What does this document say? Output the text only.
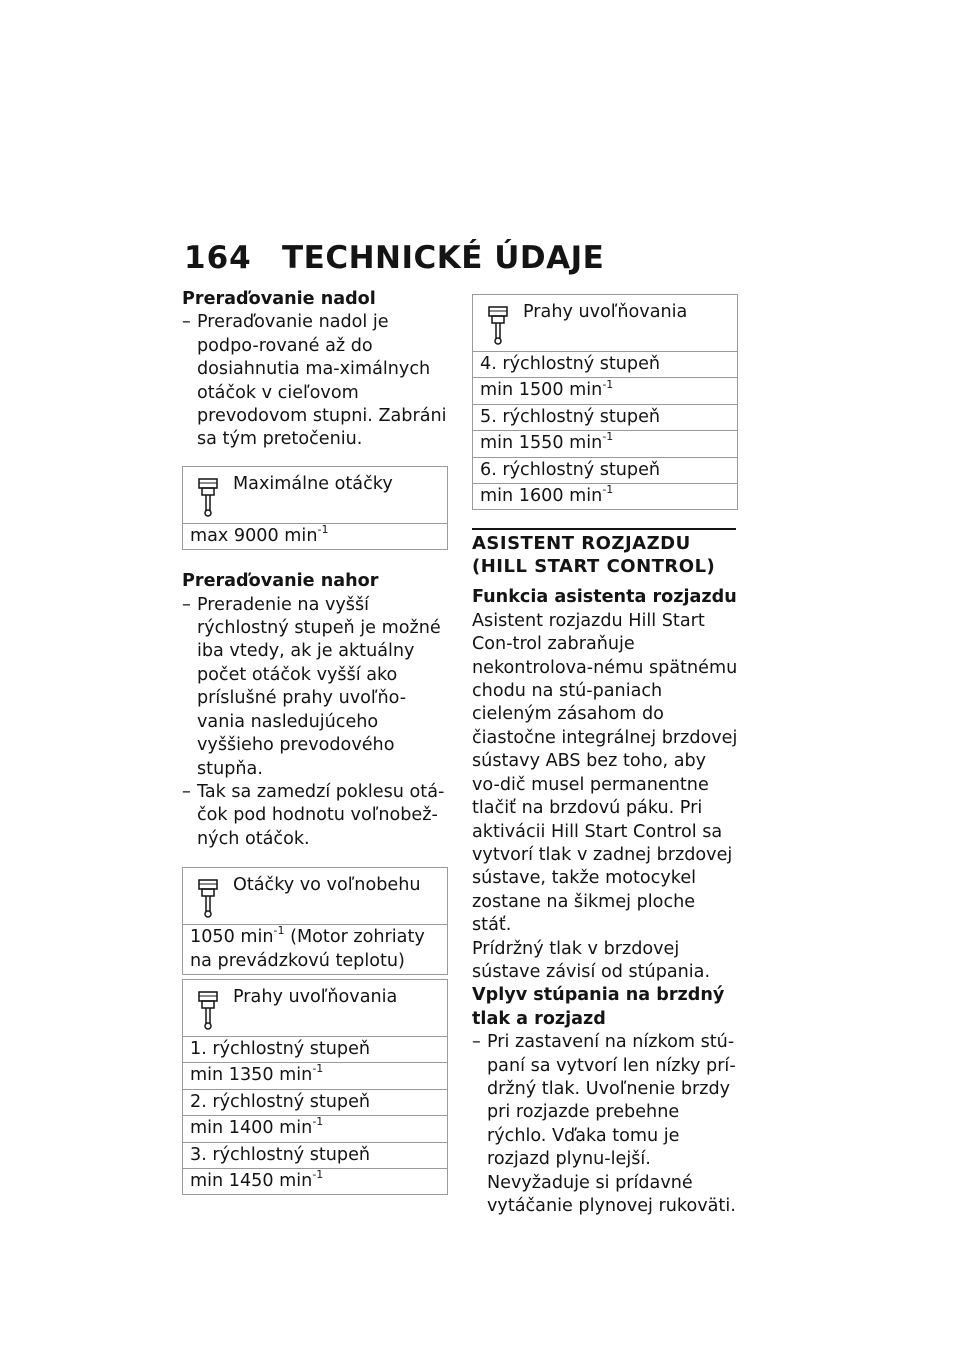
164 TECHNICKÉ ÚDAJE

Preraďovanie nadol

– Preraďovanie nadol je podpo-rované až do dosiahnutia ma-ximálnych otáčok v cieľovom prevodovom stupni. Zabráni sa tým pretočeniu.

Maximálne otáčky
max 9000 $\min^{-1}$

Preraďovanie nahor

– Preradenie na vyšší rýchlostný stupeň je možné iba vtedy, ak je aktuálny počet otáčok vyšší ako príslušné prahy uvoľňo-vania nasledujúceho vyššieho prevodového stupňa.

– Tak sa zamedzí poklesu otá-čok pod hodnotu voľnobež-ných otáčok.

Otáčky vo voľnobehu
1050 $\min^{-1}$ (Motor zohriaty na prevádzkovú teplotu)
Prahy uvoľňovania
1. rýchlostný stupeň
min 1350 $\min^{-1}$
2. rýchlostný stupeň
min 1400 $\min^{-1}$
3. rýchlostný stupeň
min 1450 $\min^{-1}$
Prahy uvoľňovania
4. rýchlostný stupeň
min 1500 $\min^{-1}$
5. rýchlostný stupeň
min 1550 $\min^{-1}$
6. rýchlostný stupeň
min 1600 $\min^{-1}$
ASISTENT ROZJAZDU
(HILL START CONTROL)

Funkcia asistenta rozjazdu

Asistent rozjazdu Hill Start Con-trol zabraňuje nekontrolova-nému spätnému chodu na stú-paniach cieleným zásahom do čiastočne integrálnej brzdovej sústavy ABS bez toho, aby vo-dič musel permanentne tlačiť na brzdovú páku. Pri aktivácii Hill Start Control sa vytvorí tlak v zadnej brzdovej sústave, takže motocykel zostane na šikmej ploche stáť.

Prídržný tlak v brzdovej sústave závisí od stúpania.

Vplyv stúpania na brzdný tlak a rozjazd

– Pri zastavení na nízkom stú-paní sa vytvorí len nízky prí-držný tlak. Uvoľnenie brzdy pri rozjazde prebehne rýchlo. Vďaka tomu je rozjazd plynu-lejší. Nevyžaduje si prídavné vytáčanie plynovej rukoväti.
